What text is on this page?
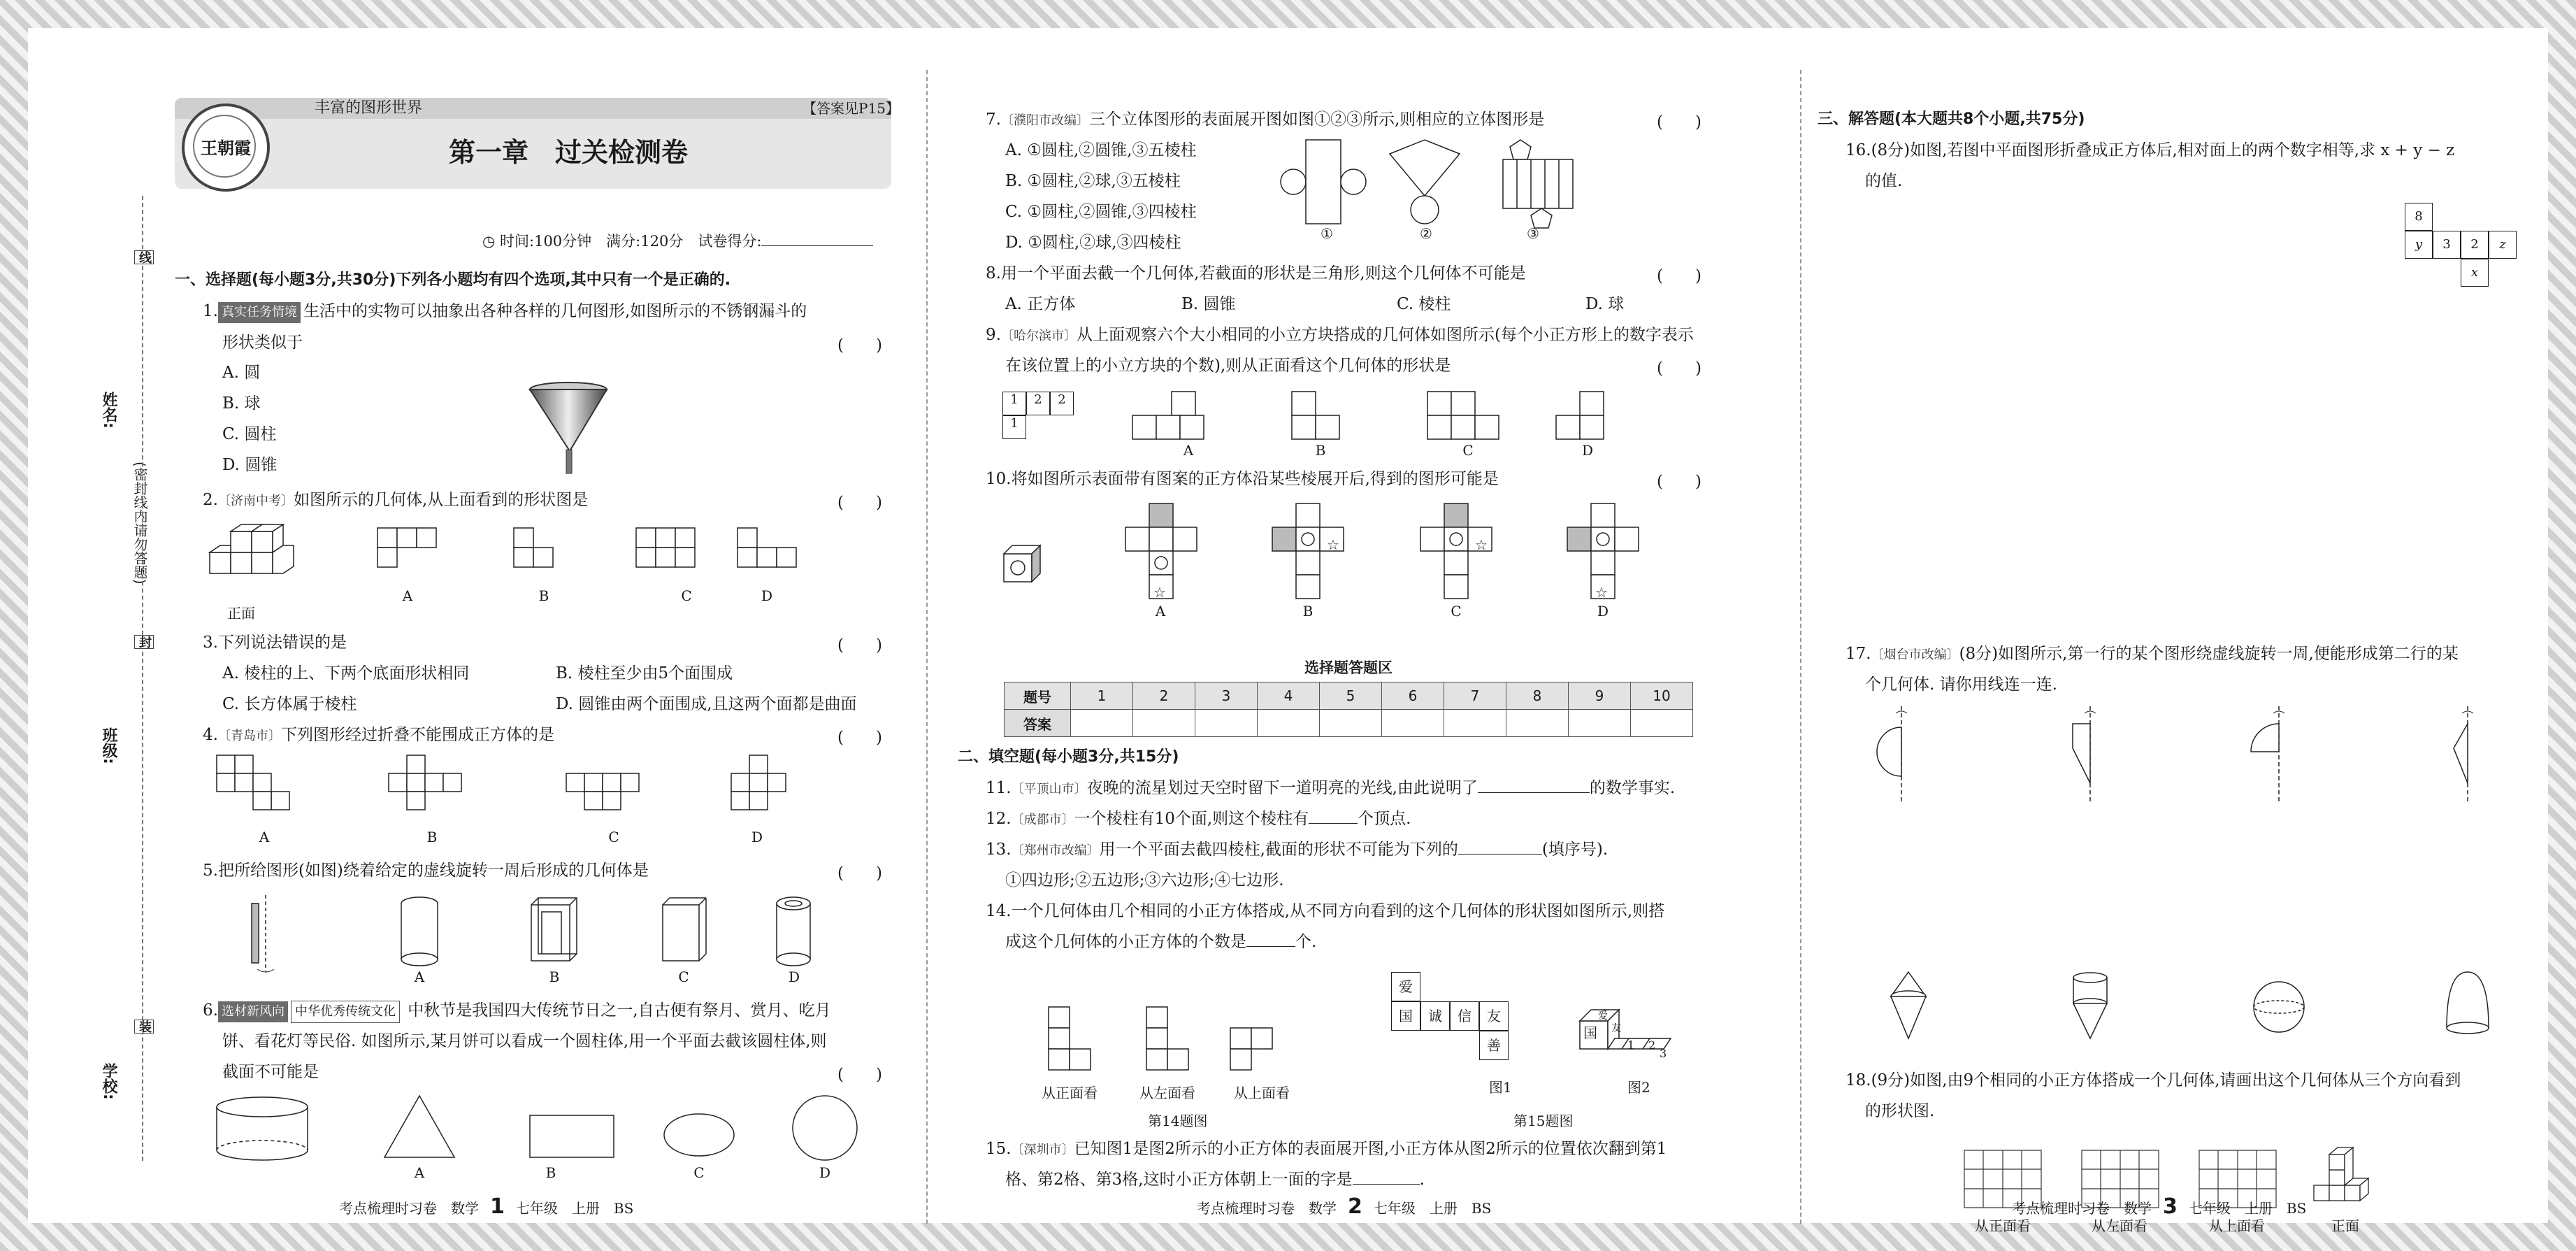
姓名:
班级:
学校:
(密封线内请勿答题)
线
封
装
丰富的图形世界	【答案见P15】
王朝霞	第一章　过关检测卷
◷ 时间:100分钟　满分:120分　试卷得分:
一、选择题(每小题3分,共30分)下列各小题均有四个选项,其中只有一个是正确的.
1. 真实任务情境 生活中的实物可以抽象出各种各样的几何图形,如图所示的不锈钢漏斗的
形状类似于	(　　)
A. 圆
B. 球
C. 圆柱
D. 圆锥
2.〔济南中考〕如图所示的几何体,从上面看到的形状图是	(　　)
正面
A	B	C	D
3.下列说法错误的是	(　　)
A. 棱柱的上、下两个底面形状相同	B. 棱柱至少由5个面围成
C. 长方体属于棱柱	D. 圆锥由两个面围成,且这两个面都是曲面
4.〔青岛市〕下列图形经过折叠不能围成正方体的是	(　　)
A	B	C	D
5.把所给图形(如图)绕着给定的虚线旋转一周后形成的几何体是	(　　)
A	B	C	D
6. 选材新风向 中华优秀传统文化 中秋节是我国四大传统节日之一,自古便有祭月、赏月、吃月
饼、看花灯等民俗. 如图所示,某月饼可以看成一个圆柱体,用一个平面去截该圆柱体,则
截面不可能是	(　　)
A	B	C	D
7.〔濮阳市改编〕三个立体图形的表面展开图如图①②③所示,则相应的立体图形是	(　　)
A. ①圆柱,②圆锥,③五棱柱
B. ①圆柱,②球,③五棱柱
C. ①圆柱,②圆锥,③四棱柱
D. ①圆柱,②球,③四棱柱	①	②	③
8.用一个平面去截一个几何体,若截面的形状是三角形,则这个几何体不可能是	(　　)
A. 正方体	B. 圆锥	C. 棱柱	D. 球
9.〔哈尔滨市〕从上面观察六个大小相同的小立方块搭成的几何体如图所示(每个小正方形上的数字表示
在该位置上的小立方块的个数),则从正面看这个几何体的形状是	(　　)
1	2	2
1
A	B	C	D
10.将如图所示表面带有图案的正方体沿某些棱展开后,得到的图形可能是	(　　)
☆
☆	☆
☆
A	B	C	D
选择题答题区
题号	1	2	3	4	5	6	7	8	9	10
答案										
二、填空题(每小题3分,共15分)
11.〔平顶山市〕夜晚的流星划过天空时留下一道明亮的光线,由此说明了	的数学事实.
12.〔成都市〕一个棱柱有10个面,则这个棱柱有	个顶点.
13.〔郑州市改编〕用一个平面去截四棱柱,截面的形状不可能为下列的	(填序号).
①四边形;②五边形;③六边形;④七边形.
14.一个几何体由几个相同的小正方体搭成,从不同方向看到的这个几何体的形状图如图所示,则搭
成这个几何体的小正方体的个数是	个.
从正面看	从左面看	从上面看
第14题图
爱
国	诚	信	友
善
图1
国
爱
友
1 2
3
图2
第15题图
15.〔深圳市〕已知图1是图2所示的小正方体的表面展开图,小正方体从图2所示的位置依次翻到第1
格、第2格、第3格,这时小正方体朝上一面的字是	.
三、解答题(本大题共8个小题,共75分)
16.(8分)如图,若图中平面图形折叠成正方体后,相对面上的两个数字相等,求 x + y − z
的值.
8
y	3	2	z
x
17.〔烟台市改编〕(8分)如图所示,第一行的某个图形绕虚线旋转一周,便能形成第二行的某
个几何体. 请你用线连一连.
18.(9分)如图,由9个相同的小正方体搭成一个几何体,请画出这个几何体从三个方向看到
的形状图.
从正面看	从左面看	从上面看	正面
考点梳理时习卷　数学 1 七年级　上册　BS	考点梳理时习卷　数学 2 七年级　上册　BS	考点梳理时习卷　数学 3 七年级　上册　BS
